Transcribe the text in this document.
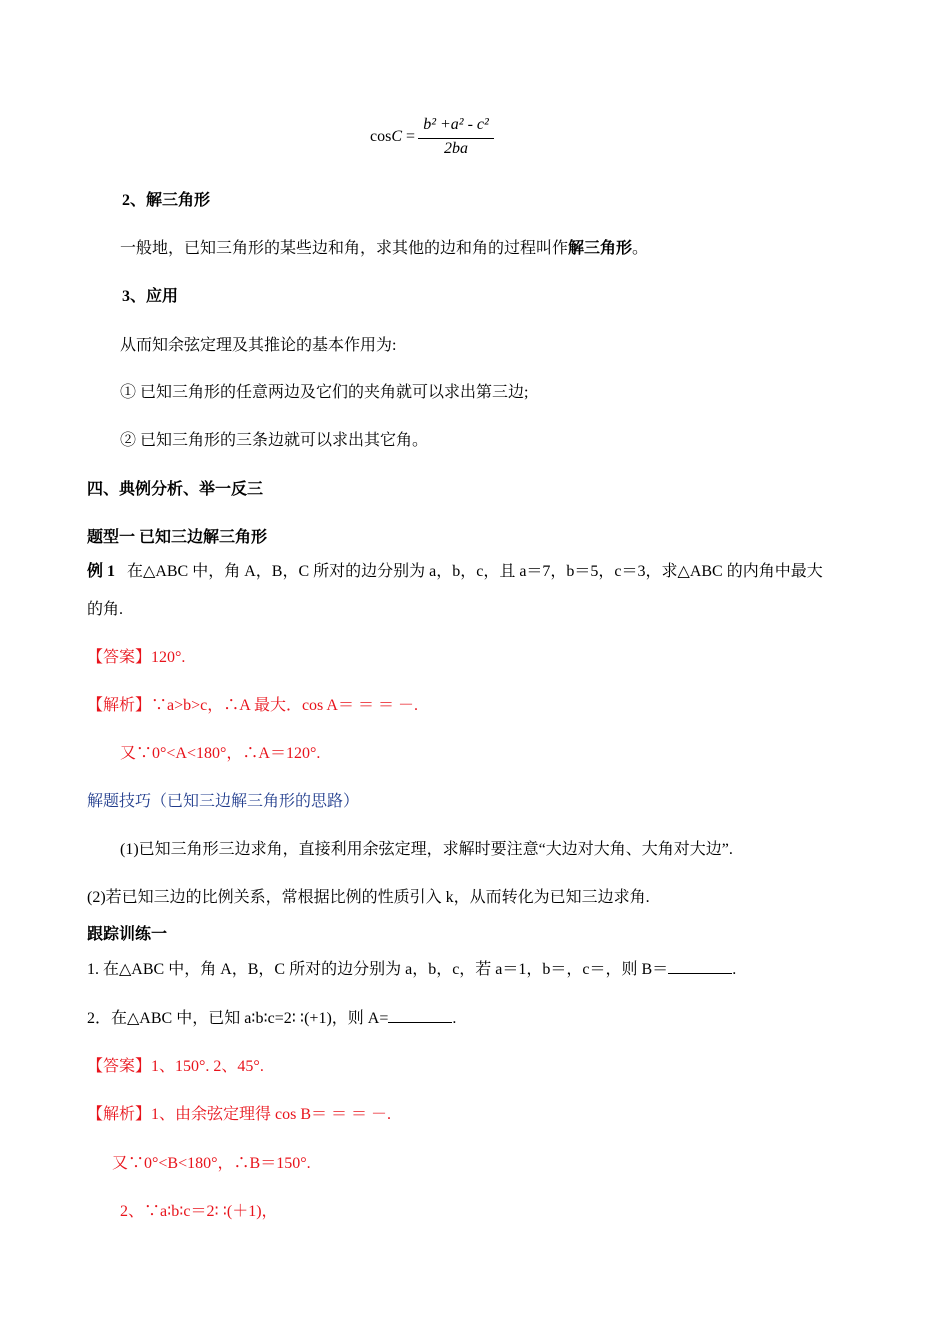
cosC =
b² +a² - c²
2ba
2、解三角形
一般地，已知三角形的某些边和角，求其他的边和角的过程叫作解三角形。
3、应用
从而知余弦定理及其推论的基本作用为:
① 已知三角形的任意两边及它们的夹角就可以求出第三边;
② 已知三角形的三条边就可以求出其它角。
四、典例分析、举一反三
题型一 已知三边解三角形
例 1 在△ABC 中，角 A，B，C 所对的边分别为 a，b，c，且 a＝7，b＝5，c＝3，求△ABC 的内角中最大
的角.
【答案】120°.
【解析】∵a>b>c，∴A 最大．cos A＝ ＝ ＝ －.
又∵0°<A<180°，∴A＝120°.
解题技巧（已知三边解三角形的思路）
(1)已知三角形三边求角，直接利用余弦定理，求解时要注意“大边对大角、大角对大边”.
(2)若已知三边的比例关系，常根据比例的性质引入 k，从而转化为已知三边求角.
跟踪训练一
1. 在△ABC 中，角 A，B，C 所对的边分别为 a，b，c，若 a＝1，b＝，c＝，则 B＝	.
2．在△ABC 中，已知 a∶b∶c=2∶ ∶(+1)，则 A=	.
【答案】1、150°. 2、45°.
【解析】1、由余弦定理得 cos B＝ ＝ ＝ －.
又∵0°<B<180°，∴B＝150°.
2、∵a∶b∶c＝2∶ ∶(＋1)，
